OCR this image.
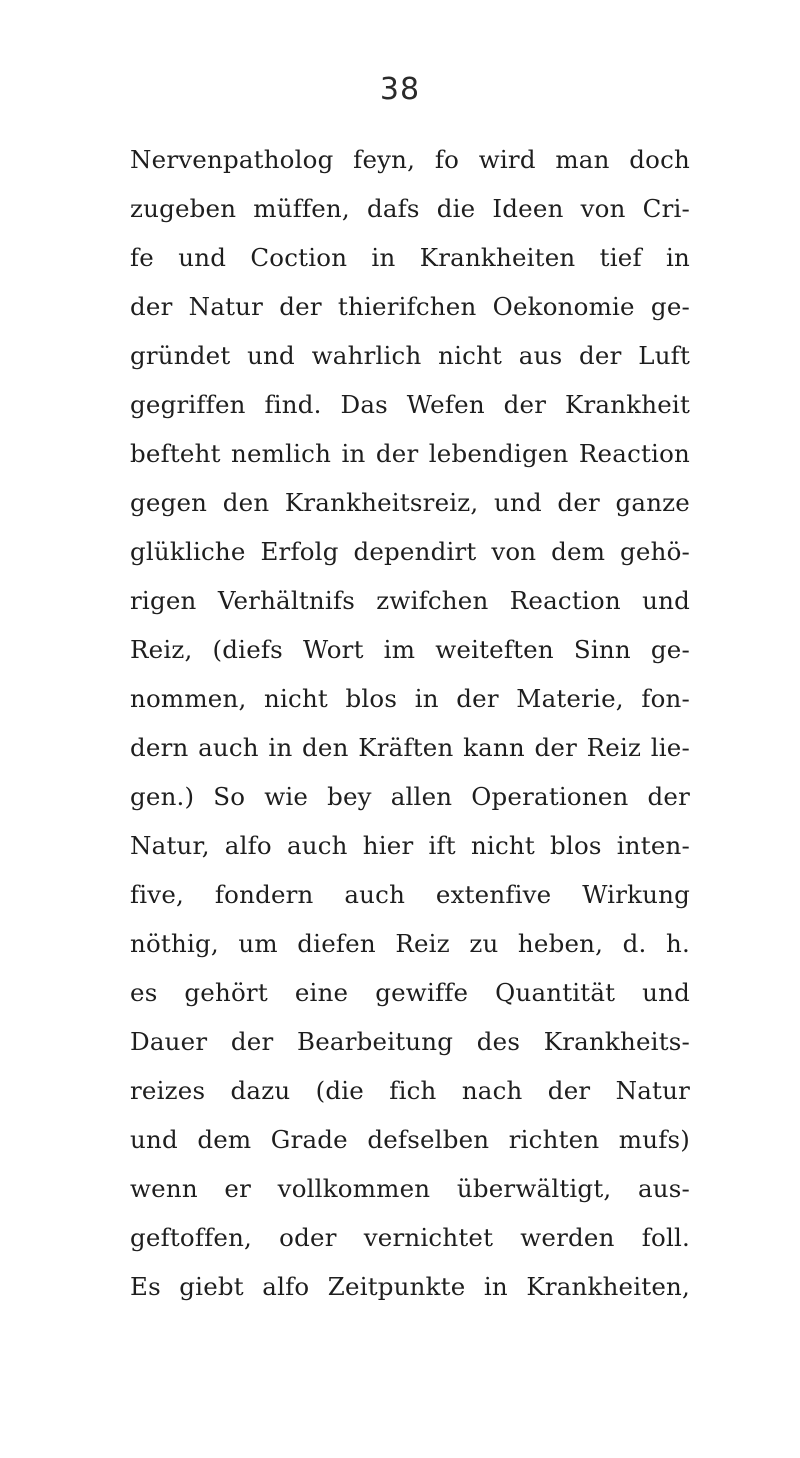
38
Nervenpatholog feyn, fo wird man doch
zugeben müffen, dafs die Ideen von Cri-
fe und Coction in Krankheiten tief in
der Natur der thierifchen Oekonomie ge-
gründet und wahrlich nicht aus der Luft
gegriffen find. Das Wefen der Krankheit
befteht nemlich in der lebendigen Reaction
gegen den Krankheitsreiz, und der ganze
glükliche Erfolg dependirt von dem gehö-
rigen Verhältnifs zwifchen Reaction und
Reiz, (diefs Wort im weiteften Sinn ge-
nommen, nicht blos in der Materie, fon-
dern auch in den Kräften kann der Reiz lie-
gen.) So wie bey allen Operationen der
Natur, alfo auch hier ift nicht blos inten-
five, fondern auch extenfive Wirkung
nöthig, um diefen Reiz zu heben, d. h.
es gehört eine gewiffe Quantität und
Dauer der Bearbeitung des Krankheits-
reizes dazu (die fich nach der Natur
und dem Grade defselben richten mufs)
wenn er vollkommen überwältigt, aus-
geftoffen, oder vernichtet werden foll.
Es giebt alfo Zeitpunkte in Krankheiten,
